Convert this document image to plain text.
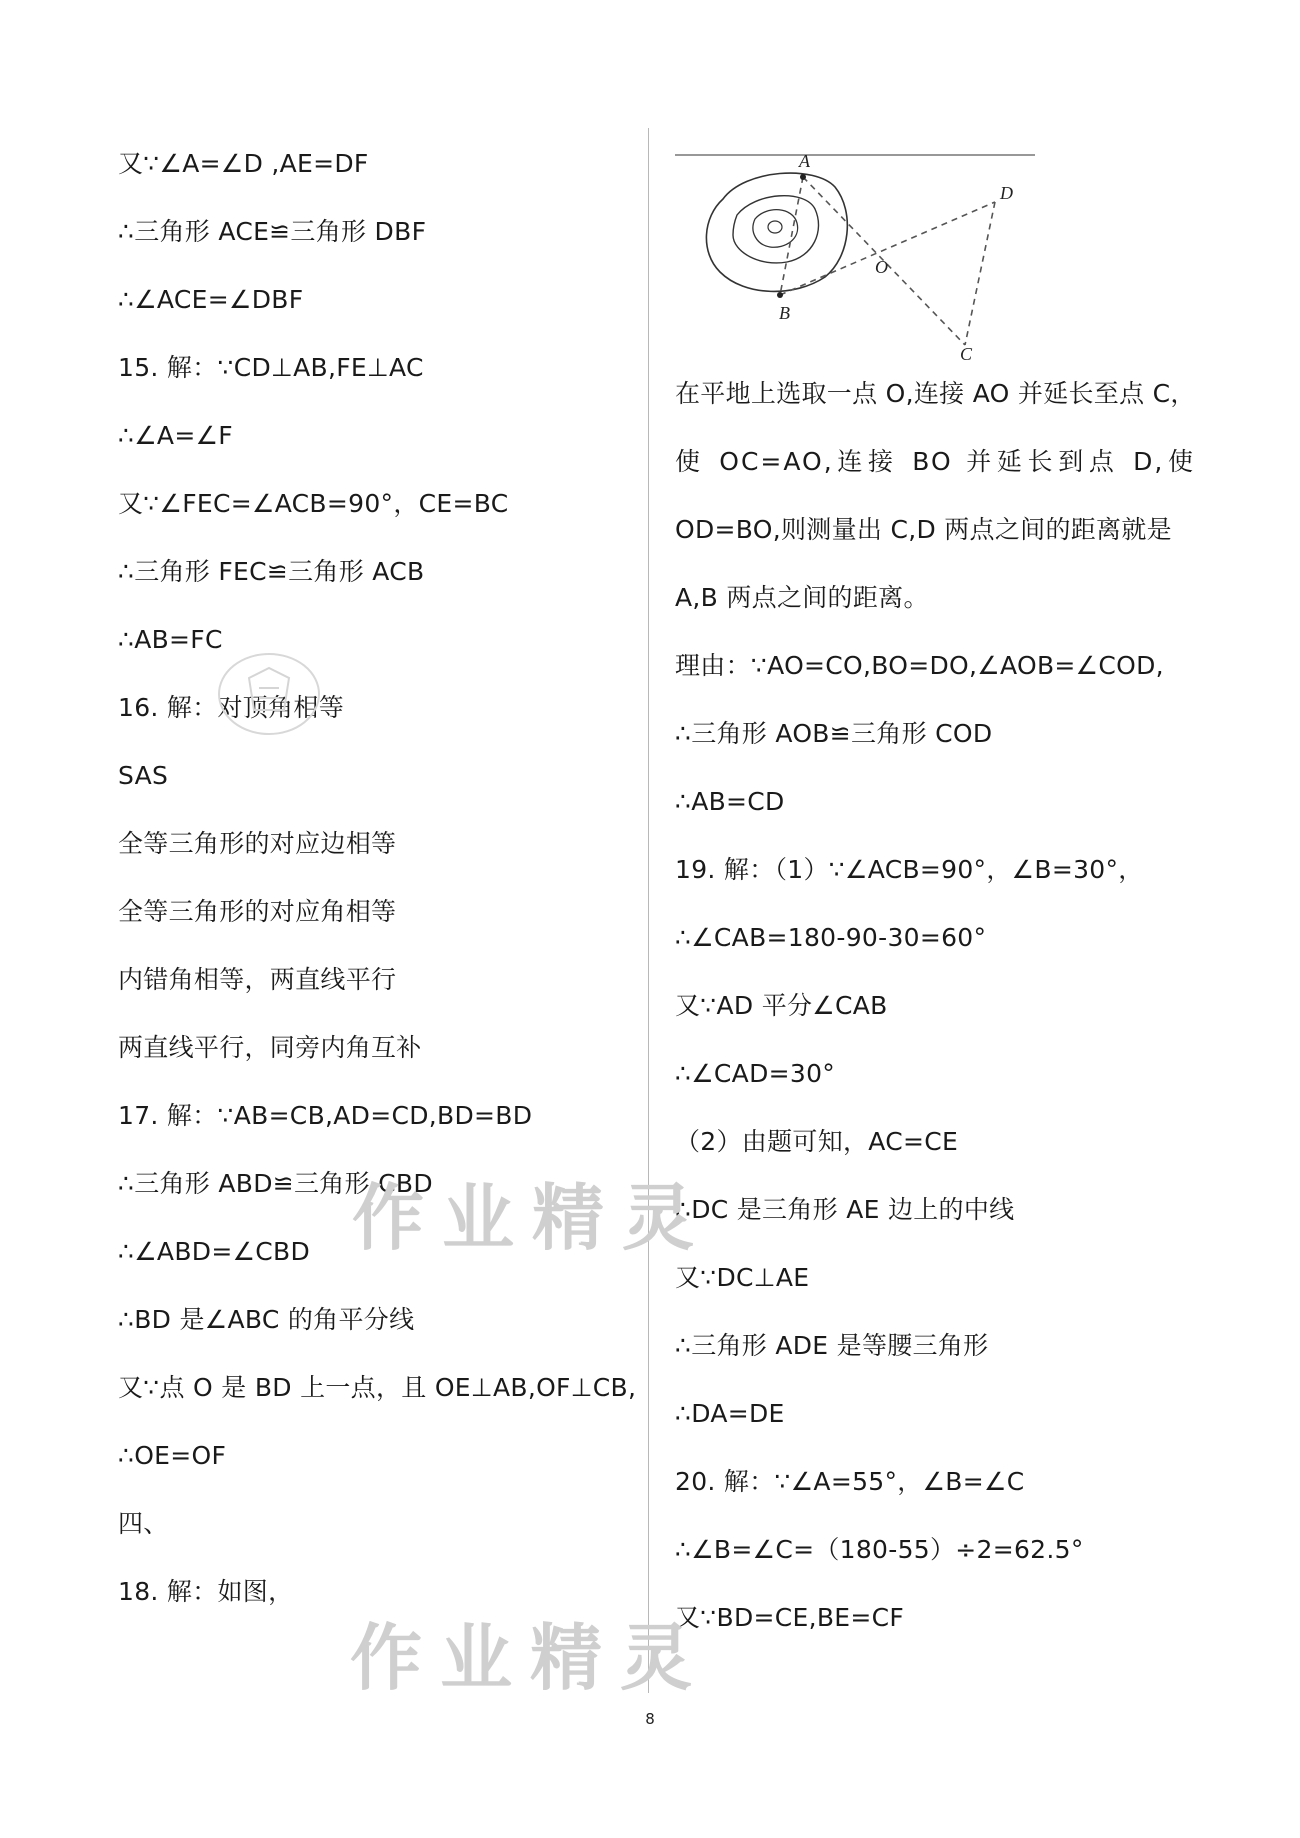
又∵∠A=∠D ,AE=DF
∴三角形 ACE≌三角形 DBF
∴∠ACE=∠DBF
15. 解：∵CD⊥AB,FE⊥AC
∴∠A=∠F
又∵∠FEC=∠ACB=90°，CE=BC
∴三角形 FEC≌三角形 ACB
∴AB=FC
16. 解：对顶角相等
SAS
全等三角形的对应边相等
全等三角形的对应角相等
内错角相等，两直线平行
两直线平行，同旁内角互补
17. 解：∵AB=CB,AD=CD,BD=BD
∴三角形 ABD≌三角形 CBD
∴∠ABD=∠CBD
∴BD 是∠ABC 的角平分线
又∵点 O 是 BD 上一点，且 OE⊥AB,OF⊥CB,
∴OE=OF
四、
18. 解：如图，
A
B
C
D
O
在平地上选取一点 O,连接 AO 并延长至点 C，
使 OC=AO,连接 BO 并延长到点 D,使
OD=BO,则测量出 C,D 两点之间的距离就是
A,B 两点之间的距离。
理由：∵AO=CO,BO=DO,∠AOB=∠COD,
∴三角形 AOB≌三角形 COD
∴AB=CD
19. 解：（1）∵∠ACB=90°，∠B=30°，
∴∠CAB=180-90-30=60°
又∵AD 平分∠CAB
∴∠CAD=30°
（2）由题可知，AC=CE
∴DC 是三角形 AE 边上的中线
又∵DC⊥AE
∴三角形 ADE 是等腰三角形
∴DA=DE
20. 解：∵∠A=55°，∠B=∠C
∴∠B=∠C=（180-55）÷2=62.5°
又∵BD=CE,BE=CF
作业精灵
作业精灵
8
